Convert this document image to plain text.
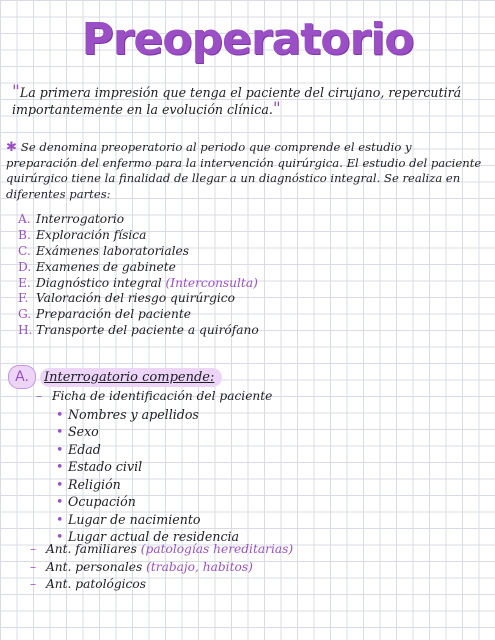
Preoperatorio
"La primera impresión que tenga el paciente del cirujano, repercutirá importantemente en la evolución clínica."
✱ Se denomina preoperatorio al periodo que comprende el estudio y preparación del enfermo para la intervención quirúrgica. El estudio del paciente quirúrgico tiene la finalidad de llegar a un diagnóstico integral. Se realiza en diferentes partes:
A. Interrogatorio
B. Exploración física
C. Exámenes laboratoriales
D. Examenes de gabinete
E. Diagnóstico integral (Interconsulta)
F. Valoración del riesgo quirúrgico
G. Preparación del paciente
H. Transporte del paciente a quirófano
A. Interrogatorio compende:
– Ficha de identificación del paciente
• Nombres y apellidos
• Sexo
• Edad
• Estado civil
• Religión
• Ocupación
• Lugar de nacimiento
• Lugar actual de residencia
– Ant. familiares (patologías hereditarias)
– Ant. personales (trabajo, habitos)
– Ant. patológicos
